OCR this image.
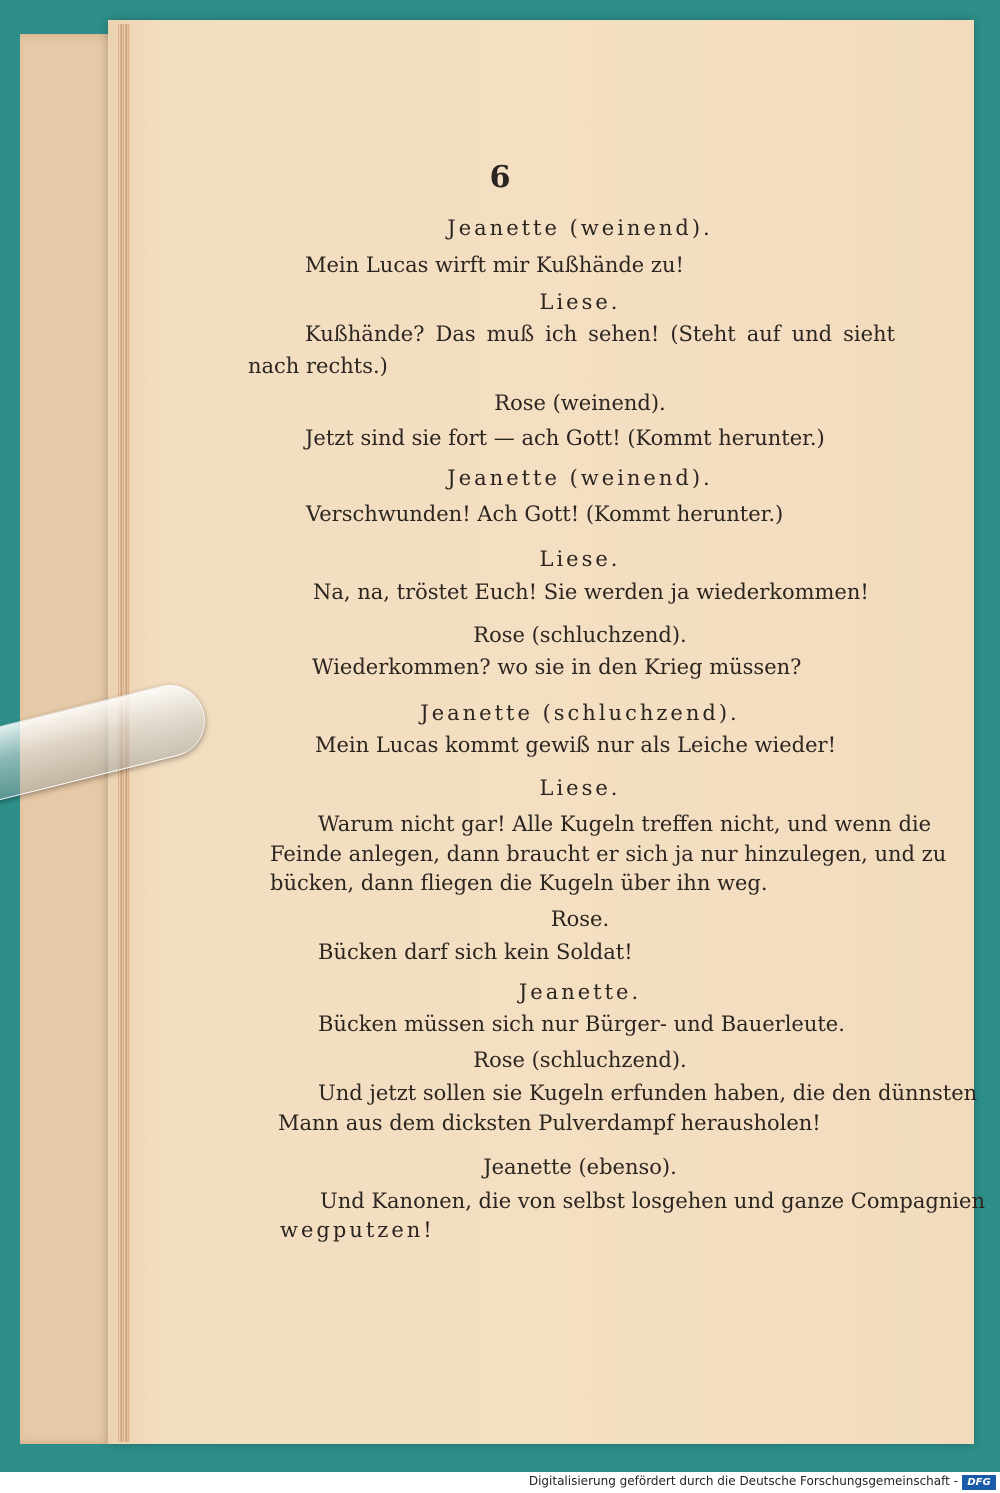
6
Jeanette (weinend).
Mein Lucas wirft mir Kußhände zu!
Liese.
Kußhände? Das muß ich sehen! (Steht auf und sieht
nach rechts.)
Rose (weinend).
Jetzt sind sie fort — ach Gott! (Kommt herunter.)
Jeanette (weinend).
Verschwunden! Ach Gott! (Kommt herunter.)
Liese.
Na, na, tröstet Euch! Sie werden ja wiederkommen!
Rose (schluchzend).
Wiederkommen? wo sie in den Krieg müssen?
Jeanette (schluchzend).
Mein Lucas kommt gewiß nur als Leiche wieder!
Liese.
Warum nicht gar! Alle Kugeln treffen nicht, und wenn die
Feinde anlegen, dann braucht er sich ja nur hinzulegen, und zu
bücken, dann fliegen die Kugeln über ihn weg.
Rose.
Bücken darf sich kein Soldat!
Jeanette.
Bücken müssen sich nur Bürger- und Bauerleute.
Rose (schluchzend).
Und jetzt sollen sie Kugeln erfunden haben, die den dünnsten
Mann aus dem dicksten Pulverdampf herausholen!
Jeanette (ebenso).
Und Kanonen, die von selbst losgehen und ganze Compagnien
wegputzen!
Digitalisierung gefördert durch die Deutsche Forschungsgemeinschaft - DFG
